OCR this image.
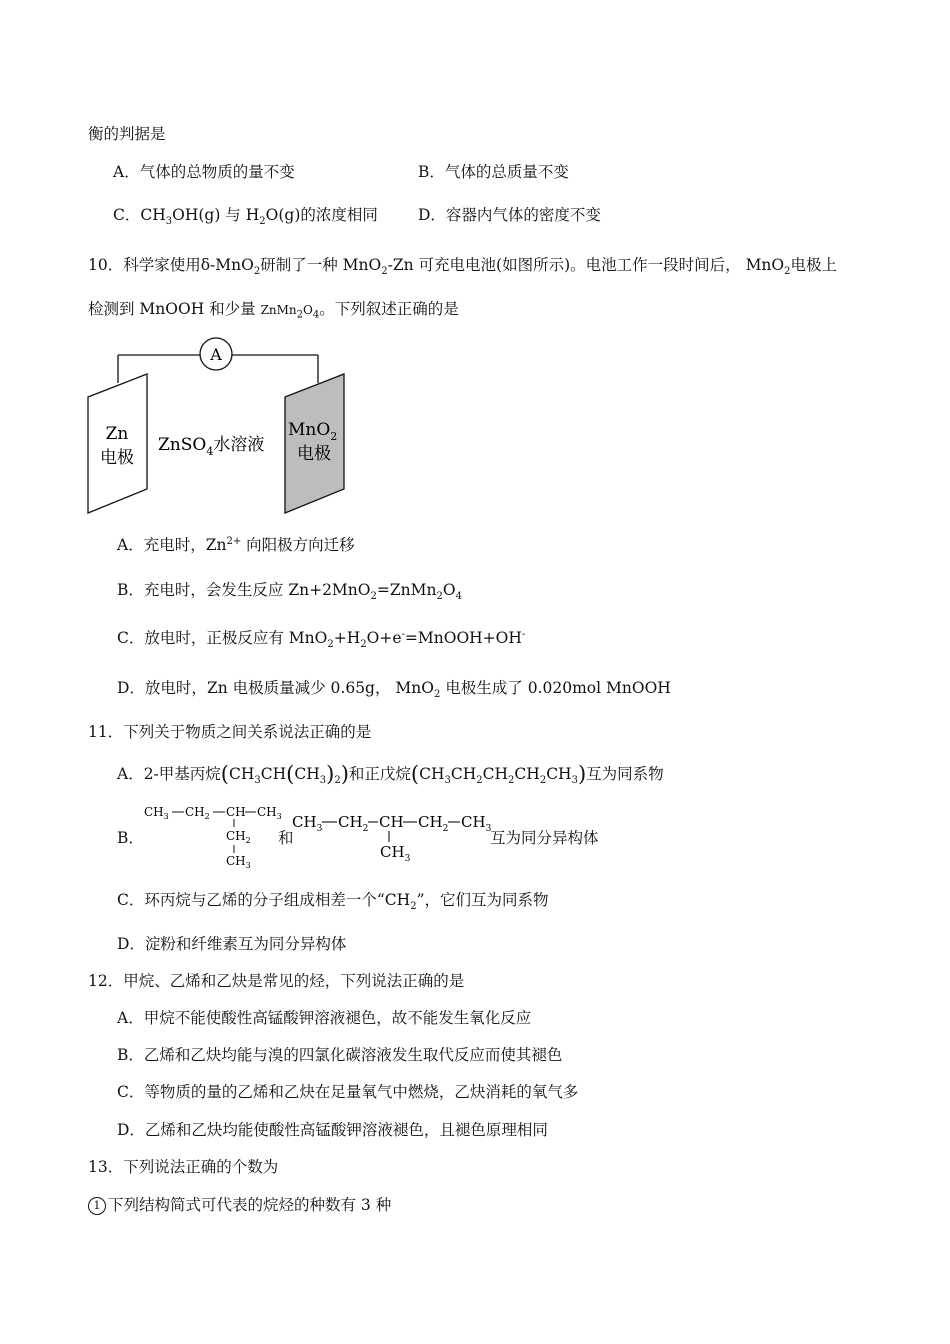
衡的判据是
A．气体的总物质的量不变	B．气体的总质量不变
C．$CH_3OH(g)$ 与 $H_2O(g)$的浓度相同	D．容器内气体的密度不变
10．科学家使用δ-MnO$_2$研制了一种 MnO$_2$-Zn 可充电电池(如图所示)。电池工作一段时间后， MnO$_2$电极上
检测到 MnOOH 和少量 $ZnMn_2O_4$。下列叙述正确的是
A
Zn
电极
ZnSO$_4$水溶液
MnO$_2$
电极
A．充电时，$Zn^{2+}$ 向阳极方向迁移
B．充电时，会发生反应 $Zn+2MnO_2=ZnMn_2O_4$
C．放电时，正极反应有 $MnO_2+H_2O+e^-=MnOOH+OH^-$
D．放电时，Zn 电极质量减少 0.65g， MnO$_2$ 电极生成了 0.020mol MnOOH
11．下列关于物质之间关系说法正确的是
A．2-甲基丙烷$(CH_3CH(CH_3)_2)$和正戊烷$(CH_3CH_2CH_2CH_2CH_3)$互为同系物
B．
$CH_3$ $CH_2$ CH $CH_3$
$CH_2$
$CH_3$
和
$CH_3$ $CH_2$ CH $CH_2$ $CH_3$
$CH_3$
互为同分异构体
C．环丙烷与乙烯的分子组成相差一个“$CH_2$”，它们互为同系物
D．淀粉和纤维素互为同分异构体
12．甲烷、乙烯和乙炔是常见的烃，下列说法正确的是
A．甲烷不能使酸性高锰酸钾溶液褪色，故不能发生氧化反应
B．乙烯和乙炔均能与溴的四氯化碳溶液发生取代反应而使其褪色
C．等物质的量的乙烯和乙炔在足量氧气中燃烧，乙炔消耗的氧气多
D．乙烯和乙炔均能使酸性高锰酸钾溶液褪色，且褪色原理相同
13．下列说法正确的个数为
1 下列结构简式可代表的烷烃的种数有 3 种
